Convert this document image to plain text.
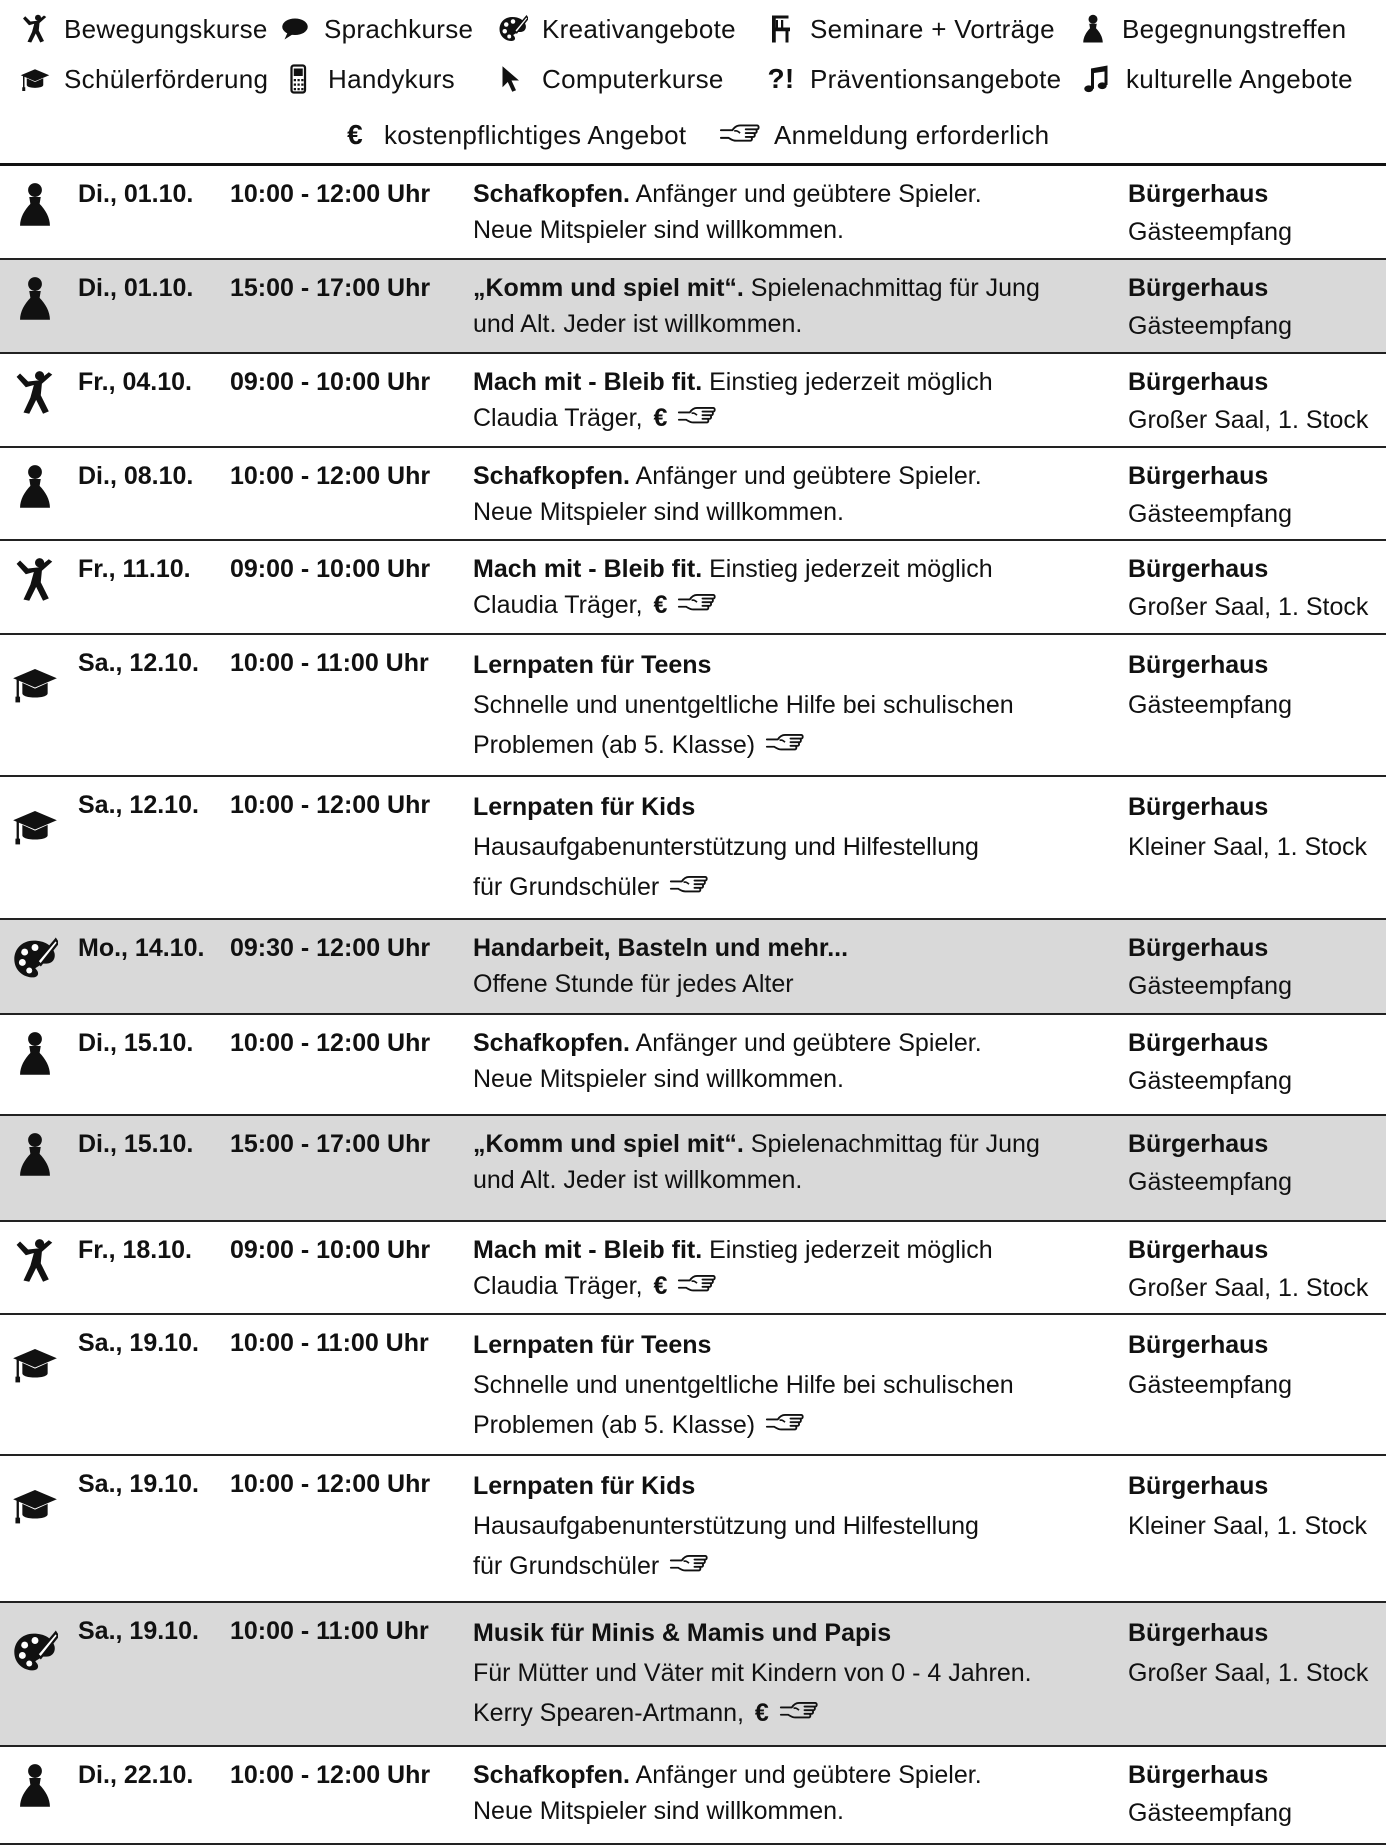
Bewegungskurse Sprachkurse	Kreativangebote	Seminare + Vorträge	Begegnungstreffen
Schülerförderung Handykurs	Computerkurse ?! Präventionsangebote kulturelle Angebote
€ kostenpflichtiges Angebot	Anmeldung erforderlich
Di., 01.10. 10:00 - 12:00 Uhr Schafkopfen. Anfänger und geübtere Spieler.
Neue Mitspieler sind willkommen.
Bürgerhaus
Gästeempfang
Di., 01.10. 15:00 - 17:00 Uhr „Komm und spiel mit“. Spielenachmittag für Jung
und Alt. Jeder ist willkommen.
Bürgerhaus
Gästeempfang
Fr., 04.10. 09:00 - 10:00 Uhr Mach mit - Bleib fit. Einstieg jederzeit möglich
Claudia Träger, €
Bürgerhaus
Großer Saal, 1. Stock
Di., 08.10. 10:00 - 12:00 Uhr Schafkopfen. Anfänger und geübtere Spieler.
Neue Mitspieler sind willkommen.
Bürgerhaus
Gästeempfang
Fr., 11.10. 09:00 - 10:00 Uhr Mach mit - Bleib fit. Einstieg jederzeit möglich
Claudia Träger, €
Bürgerhaus
Großer Saal, 1. Stock
Sa., 12.10. 10:00 - 11:00 Uhr Lernpaten für Teens
Schnelle und unentgeltliche Hilfe bei schulischen
Problemen (ab 5. Klasse)
Bürgerhaus
Gästeempfang
Sa., 12.10. 10:00 - 12:00 Uhr Lernpaten für Kids
Hausaufgabenunterstützung und Hilfestellung
für Grundschüler
Bürgerhaus
Kleiner Saal, 1. Stock
Mo., 14.10. 09:30 - 12:00 Uhr Handarbeit, Basteln und mehr...
Offene Stunde für jedes Alter
Bürgerhaus
Gästeempfang
Di., 15.10. 10:00 - 12:00 Uhr Schafkopfen. Anfänger und geübtere Spieler.
Neue Mitspieler sind willkommen.
Bürgerhaus
Gästeempfang
Di., 15.10. 15:00 - 17:00 Uhr „Komm und spiel mit“. Spielenachmittag für Jung
und Alt. Jeder ist willkommen.
Bürgerhaus
Gästeempfang
Fr., 18.10. 09:00 - 10:00 Uhr Mach mit - Bleib fit. Einstieg jederzeit möglich
Claudia Träger, €
Bürgerhaus
Großer Saal, 1. Stock
Sa., 19.10. 10:00 - 11:00 Uhr Lernpaten für Teens
Schnelle und unentgeltliche Hilfe bei schulischen
Problemen (ab 5. Klasse)
Bürgerhaus
Gästeempfang
Sa., 19.10. 10:00 - 12:00 Uhr Lernpaten für Kids
Hausaufgabenunterstützung und Hilfestellung
für Grundschüler
Bürgerhaus
Kleiner Saal, 1. Stock
Sa., 19.10. 10:00 - 11:00 Uhr Musik für Minis & Mamis und Papis
Für Mütter und Väter mit Kindern von 0 - 4 Jahren.
Kerry Spearen-Artmann, €
Bürgerhaus
Großer Saal, 1. Stock
Di., 22.10. 10:00 - 12:00 Uhr Schafkopfen. Anfänger und geübtere Spieler.
Neue Mitspieler sind willkommen.
Bürgerhaus
Gästeempfang
